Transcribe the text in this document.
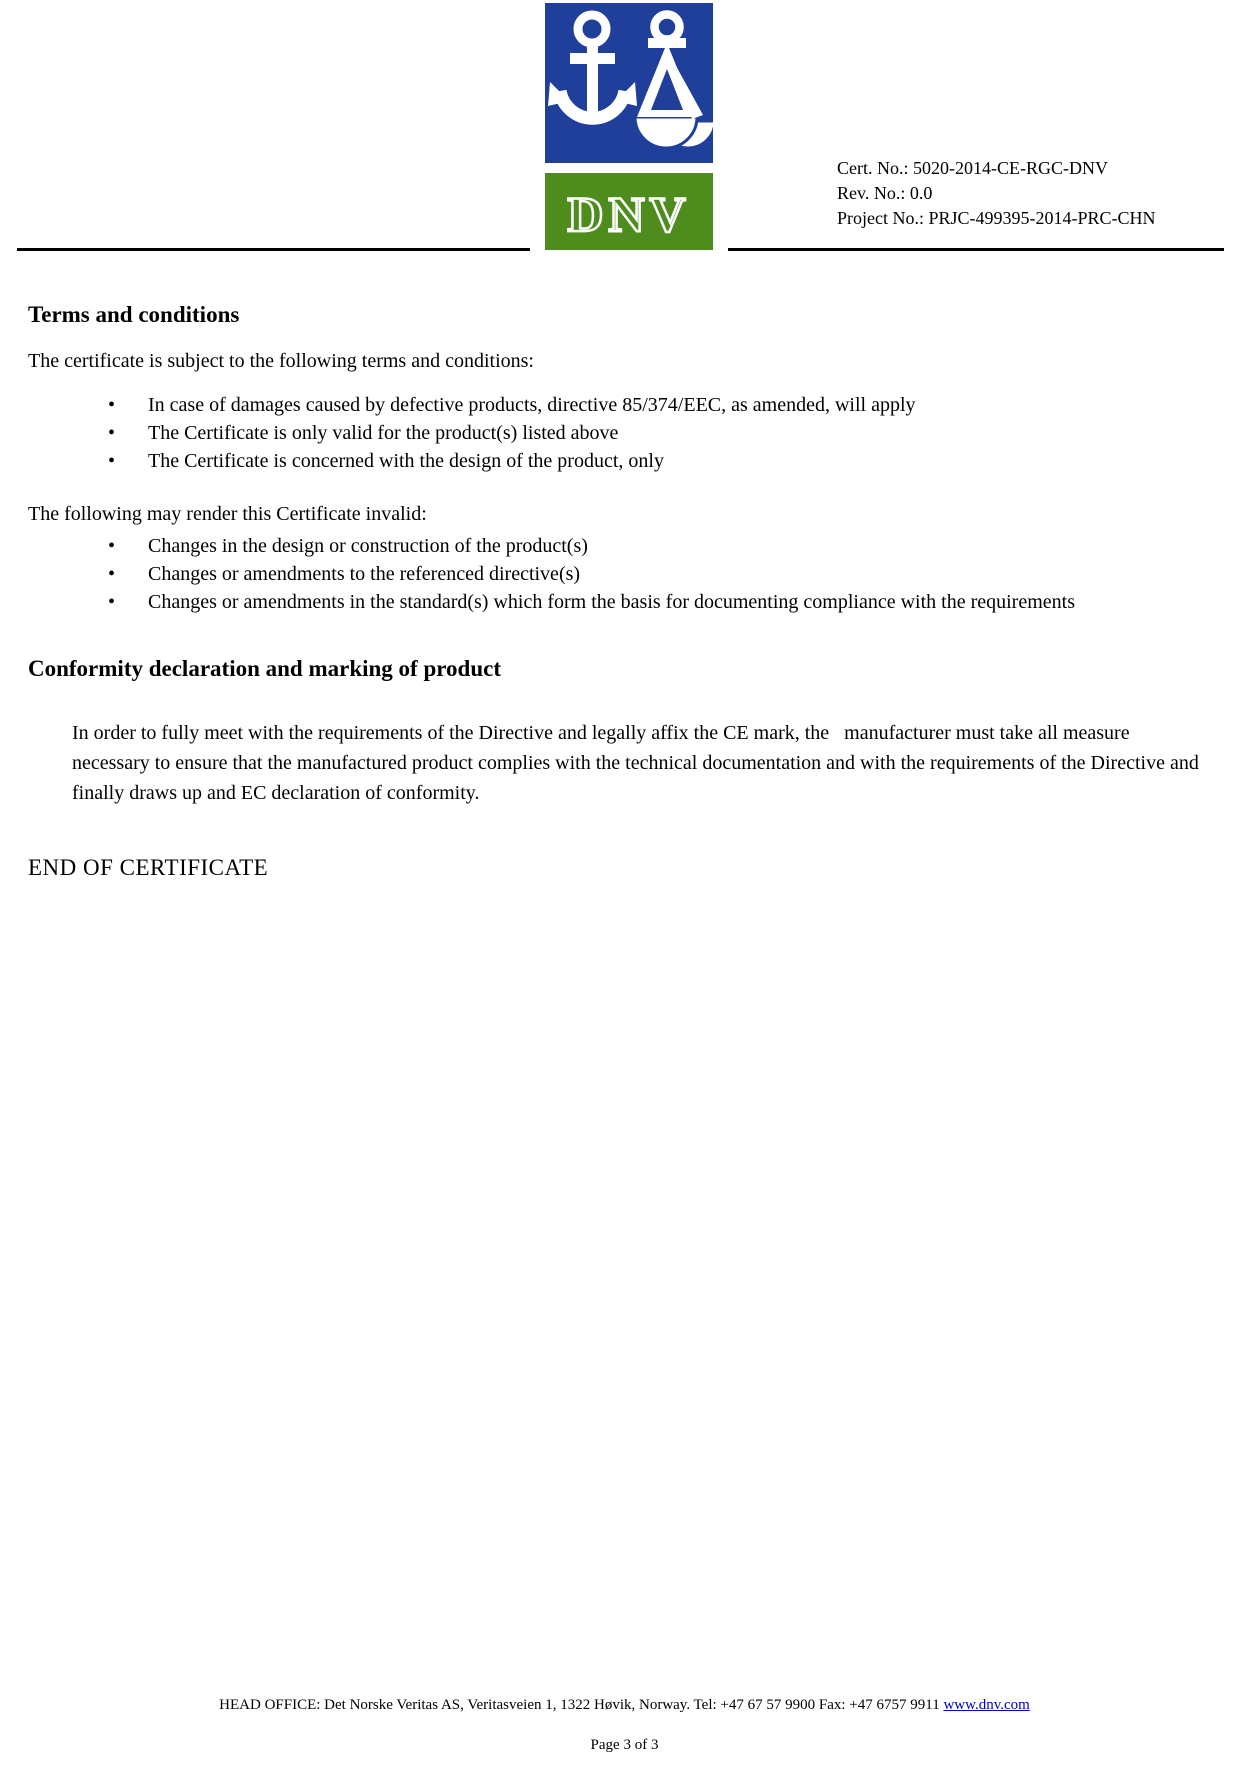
DNV
Cert. No.: 5020-2014-CE-RGC-DNV
Rev. No.: 0.0
Project No.: PRJC-499395-2014-PRC-CHN
Terms and conditions

The certificate is subject to the following terms and conditions:

• In case of damages caused by defective products, directive 85/374/EEC, as amended, will apply
• The Certificate is only valid for the product(s) listed above
• The Certificate is concerned with the design of the product, only

The following may render this Certificate invalid:

• Changes in the design or construction of the product(s)
• Changes or amendments to the referenced directive(s)
• Changes or amendments in the standard(s) which form the basis for documenting compliance with the requirements
Conformity declaration and marking of product

In order to fully meet with the requirements of the Directive and legally affix the CE mark, the   manufacturer must take all measure necessary to ensure that the manufactured product complies with the technical documentation and with the requirements of the Directive and finally draws up and EC declaration of conformity.

END OF CERTIFICATE

HEAD OFFICE: Det Norske Veritas AS, Veritasveien 1, 1322 Høvik, Norway. Tel: +47 67 57 9900 Fax: +47 6757 9911 www.dnv.com
Page 3 of 3
